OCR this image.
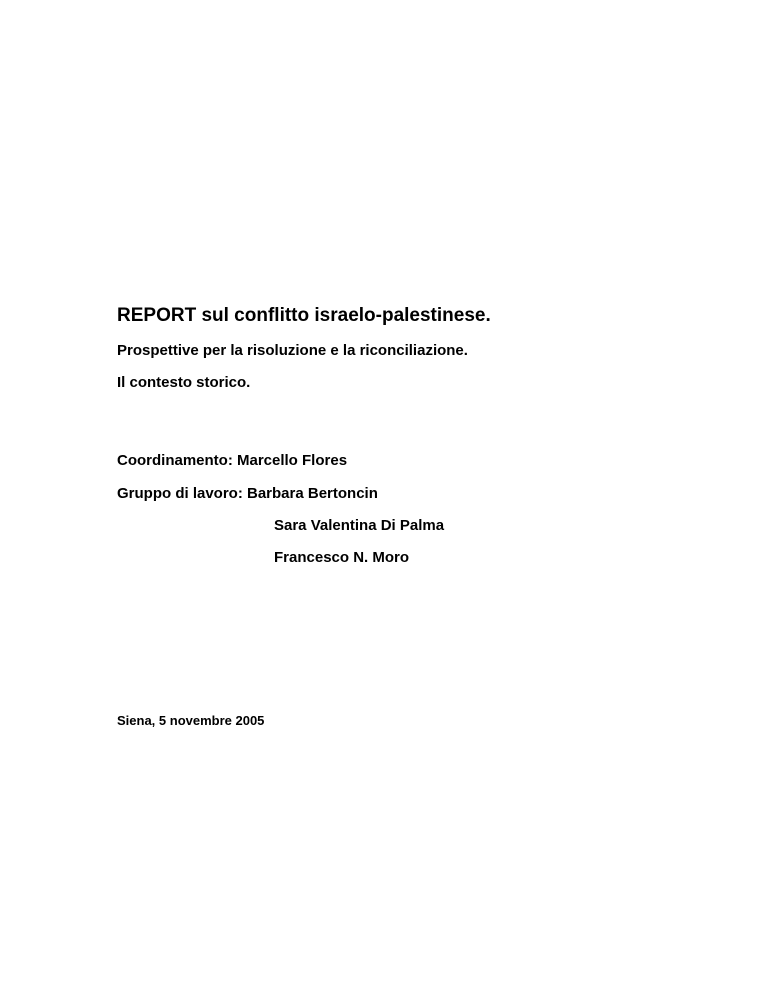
REPORT sul conflitto israelo-palestinese.
Prospettive per la risoluzione e la riconciliazione.
Il contesto storico.
Coordinamento: Marcello Flores
Gruppo di lavoro: Barbara Bertoncin
Sara Valentina Di Palma
Francesco N. Moro
Siena, 5 novembre 2005
